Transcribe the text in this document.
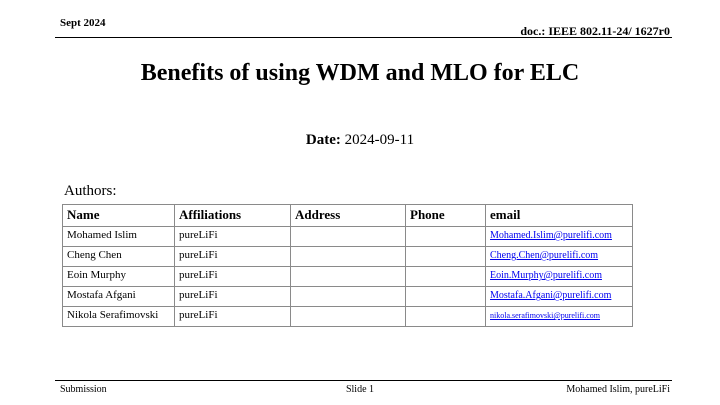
Sept 2024
doc.: IEEE 802.11-24/ 1627r0
Benefits of using WDM and MLO for ELC
Date: 2024-09-11
Authors:
Name	Affiliations	Address	Phone	email
Mohamed Islim	pureLiFi			Mohamed.Islim@purelifi.com
Cheng Chen	pureLiFi			Cheng.Chen@purelifi.com
Eoin Murphy	pureLiFi			Eoin.Murphy@purelifi.com
Mostafa Afgani	pureLiFi			Mostafa.Afgani@purelifi.com
Nikola Serafimovski	pureLiFi			nikola.serafimovski@purelifi.com
Submission	Slide 1	Mohamed Islim, pureLiFi
